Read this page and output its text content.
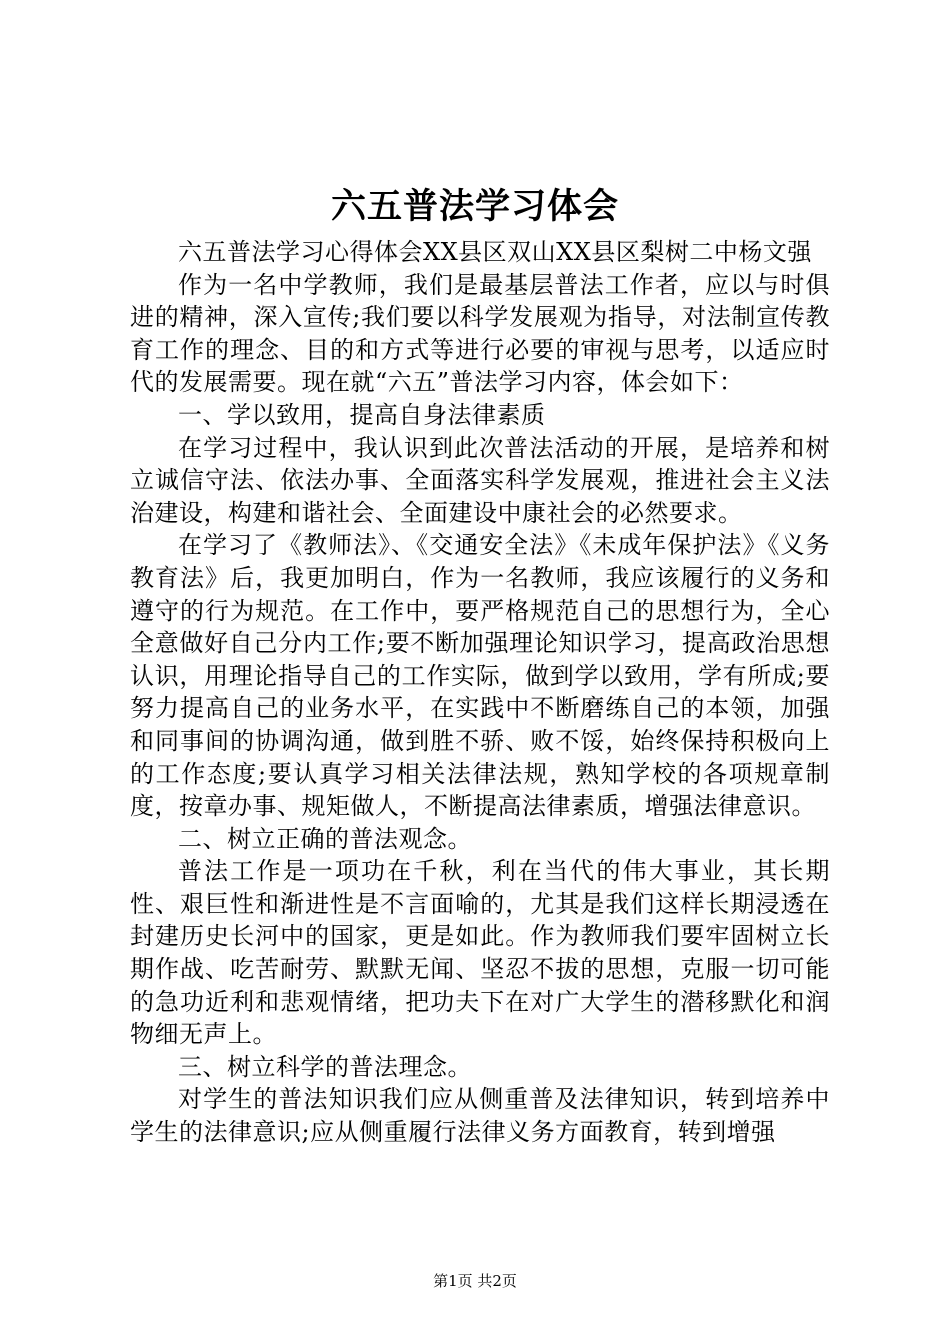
六五普法学习体会

六五普法学习心得体会XX县区双山XX县区梨树二中杨文强

作为一名中学教师，我们是最基层普法工作者，应以与时俱进的精神，深入宣传;我们要以科学发展观为指导，对法制宣传教育工作的理念、目的和方式等进行必要的审视与思考，以适应时代的发展需要。现在就“六五”普法学习内容，体会如下：

一、学以致用，提高自身法律素质

在学习过程中，我认识到此次普法活动的开展，是培养和树立诚信守法、依法办事、全面落实科学发展观，推进社会主义法治建设，构建和谐社会、全面建设中康社会的必然要求。

在学习了《教师法》、《交通安全法》《未成年保护法》《义务教育法》后，我更加明白，作为一名教师，我应该履行的义务和遵守的行为规范。在工作中，要严格规范自己的思想行为，全心全意做好自己分内工作;要不断加强理论知识学习，提高政治思想认识，用理论指导自己的工作实际，做到学以致用，学有所成;要努力提高自己的业务水平，在实践中不断磨练自己的本领，加强和同事间的协调沟通，做到胜不骄、败不馁，始终保持积极向上的工作态度;要认真学习相关法律法规，熟知学校的各项规章制度，按章办事、规矩做人，不断提高法律素质，增强法律意识。

二、树立正确的普法观念。

普法工作是一项功在千秋，利在当代的伟大事业，其长期性、艰巨性和渐进性是不言面喻的，尤其是我们这样长期浸透在封建历史长河中的国家，更是如此。作为教师我们要牢固树立长期作战、吃苦耐劳、默默无闻、坚忍不拔的思想，克服一切可能的急功近利和悲观情绪，把功夫下在对广大学生的潜移默化和润物细无声上。

三、树立科学的普法理念。

对学生的普法知识我们应从侧重普及法律知识，转到培养中学生的法律意识;应从侧重履行法律义务方面教育，转到增强

第1页 共2页
